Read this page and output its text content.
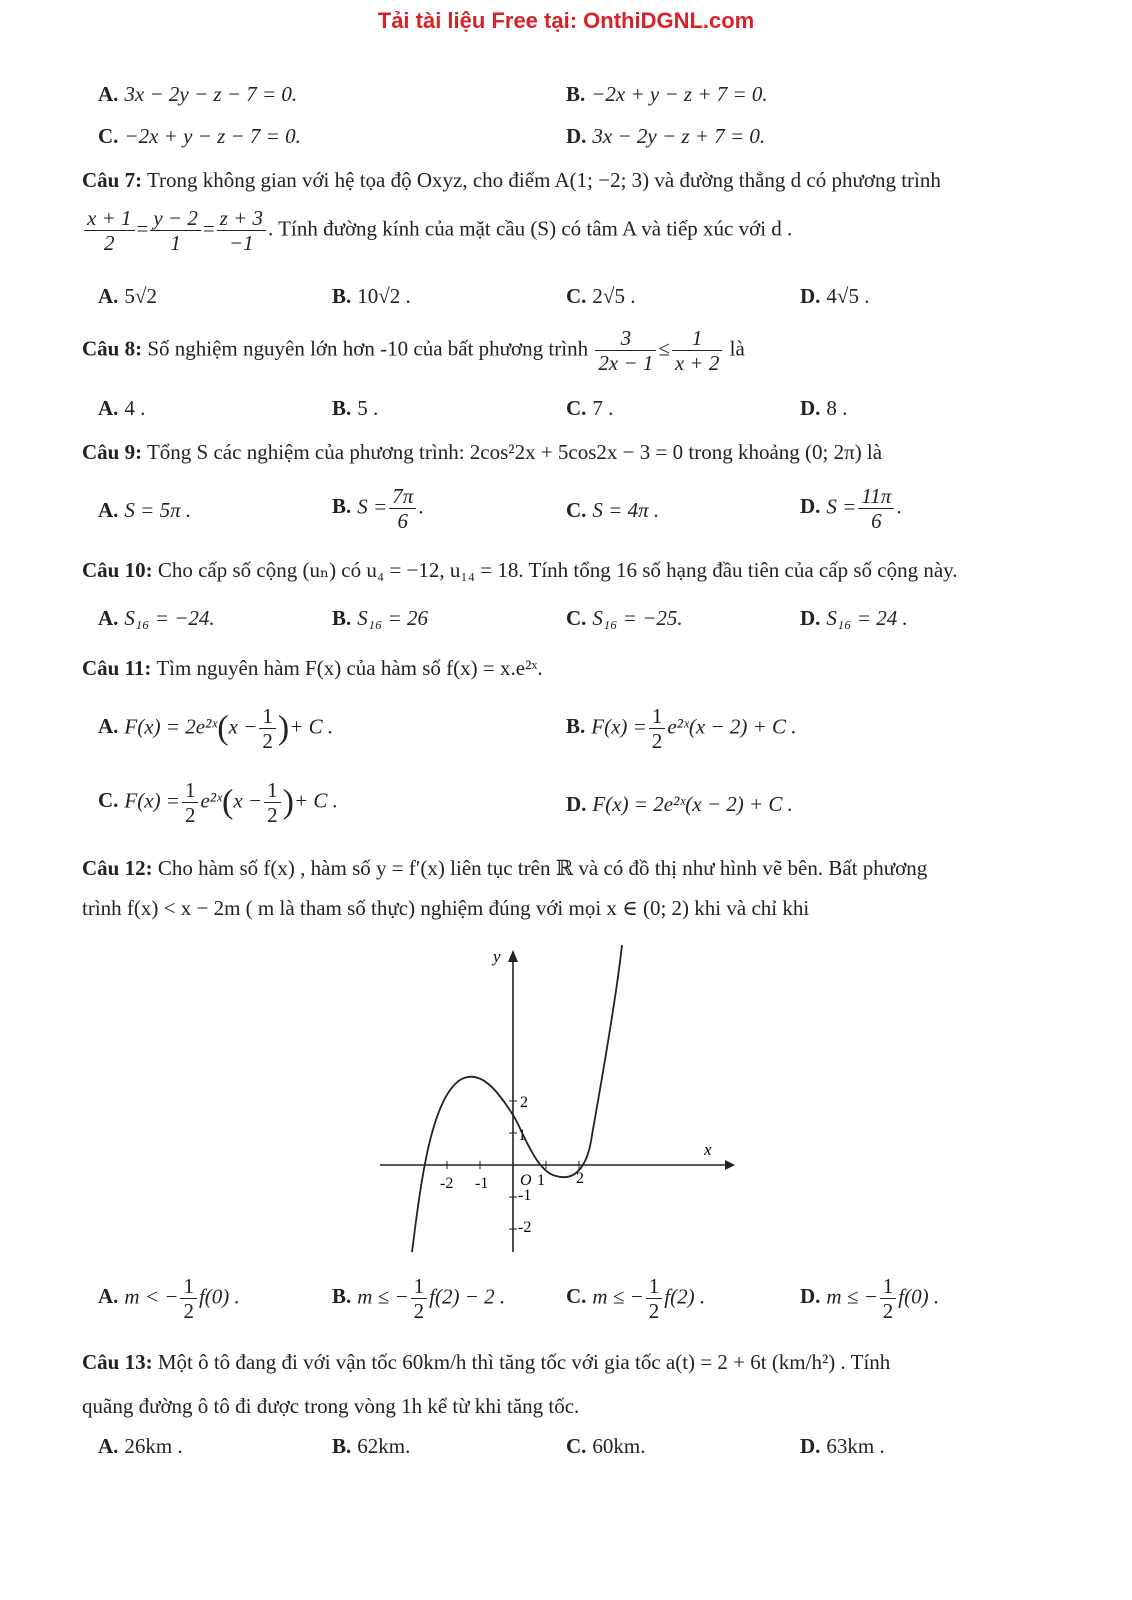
Tải tài liệu Free tại: OnthiDGNL.com
A. 3x − 2y − z − 7 = 0.	B. −2x + y − z + 7 = 0.
C. −2x + y − z − 7 = 0.	D. 3x − 2y − z + 7 = 0.
Câu 7: Trong không gian với hệ tọa độ Oxyz, cho điểm A(1; −2; 3) và đường thẳng d có phương trình
$\frac{x + 1}{2} = \frac{y - 2}{1} = \frac{z + 3}{-1}$ . Tính đường kính của mặt cầu (S) có tâm A và tiếp xúc với d .
A. 5√2	B. 10√2 .	C. 2√5 .	D. 4√5 .
Câu 8: Số nghiệm nguyên lớn hơn -10 của bất phương trình $\frac{3}{2x - 1} \le \frac{1}{x + 2}$ là
A. 4 .	B. 5 .	C. 7 .	D. 8 .
Câu 9: Tổng S các nghiệm của phương trình: 2cos²2x + 5cos2x − 3 = 0 trong khoảng (0; 2π) là
A. S = 5π .	B. $S = \frac{7\pi}{6}$ .	C. S = 4π .	D. $S = \frac{11\pi}{6}$ .
Câu 10: Cho cấp số cộng (uₙ) có u₄ = −12, u₁₄ = 18. Tính tổng 16 số hạng đầu tiên của cấp số cộng này.
A. S₁₆ = −24.	B. S₁₆ = 26	C. S₁₆ = −25.	D. S₁₆ = 24 .
Câu 11: Tìm nguyên hàm F(x) của hàm số f(x) = x.e²ˣ.
A. F(x) = 2e²ˣ(x − $\frac{1}{2}$ )+ C .	B. $F(x) = \frac{1}{2}$ e²ˣ(x − 2) + C .
C. $F(x) = \frac{1}{2}$ e²ˣ(x − $\frac{1}{2}$ )+ C .	D. F(x) = 2e²ˣ(x − 2) + C .
Câu 12: Cho hàm số f(x) , hàm số y = f′(x) liên tục trên ℝ và có đồ thị như hình vẽ bên. Bất phương
trình f(x) < x − 2m ( m là tham số thực) nghiệm đúng với mọi x ∈ (0; 2) khi và chỉ khi
y
x
O
-2 -1	1 2
2
1
-1
-2
A. m < − $\frac{1}{2} f(0)$ .	B. m ≤ − $\frac{1}{2} f(2) - 2$ .	C. m ≤ − $\frac{1}{2} f(2)$ .	D. m ≤ − $\frac{1}{2} f(0)$ .
Câu 13: Một ô tô đang đi với vận tốc 60km/h thì tăng tốc với gia tốc a(t) = 2 + 6t (km/h²) . Tính
quãng đường ô tô đi được trong vòng 1h kể từ khi tăng tốc.
A. 26km .	B. 62km.	C. 60km.	D. 63km .
